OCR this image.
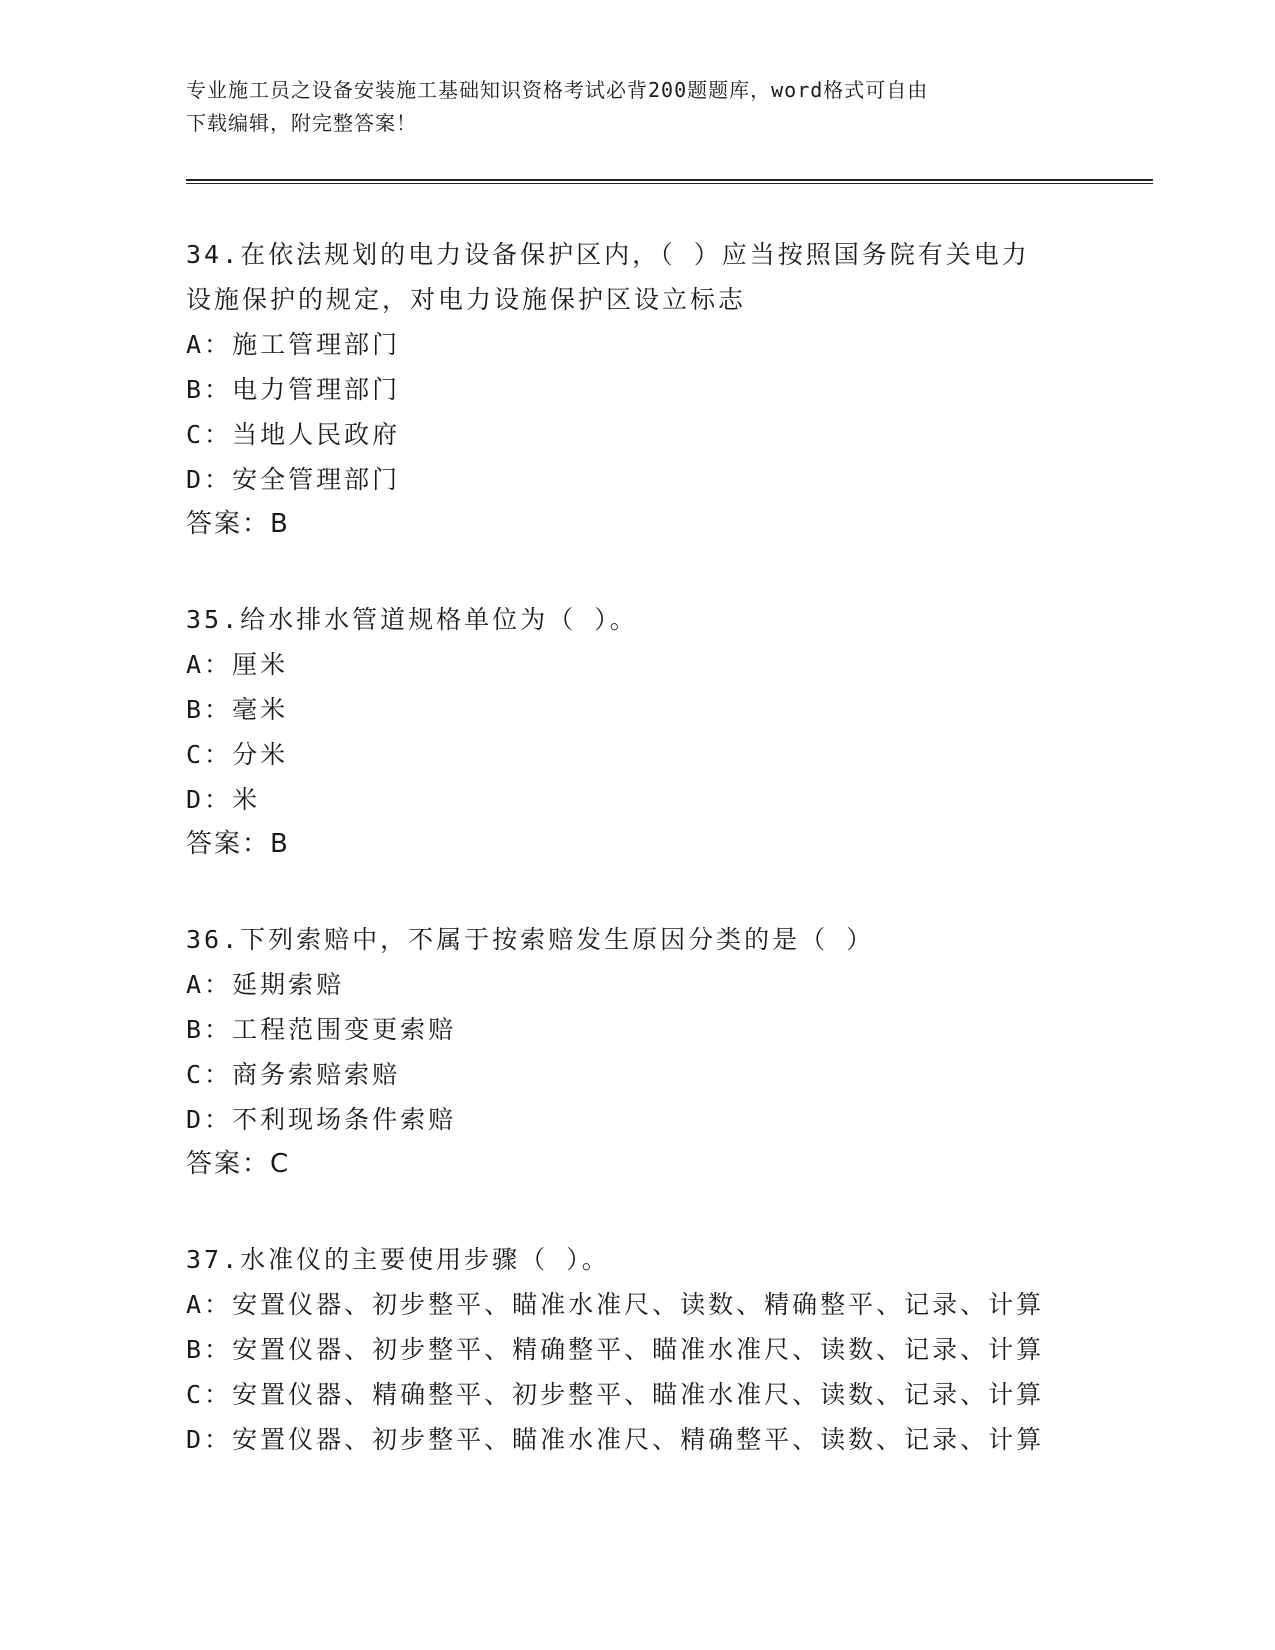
专业施工员之设备安装施工基础知识资格考试必背200题题库，word格式可自由
下载编辑，附完整答案！

34.在依法规划的电力设备保护区内，（ ）应当按照国务院有关电力

设施保护的规定，对电力设施保护区设立标志

A：施工管理部门

B：电力管理部门

C：当地人民政府

D：安全管理部门

答案：B

35.给水排水管道规格单位为（ ）。

A：厘米

B：毫米

C：分米

D：米

答案：B

36.下列索赔中，不属于按索赔发生原因分类的是（ ）

A：延期索赔

B：工程范围变更索赔

C：商务索赔索赔

D：不利现场条件索赔

答案：C

37.水准仪的主要使用步骤（ ）。

A：安置仪器、初步整平、瞄准水准尺、读数、精确整平、记录、计算

B：安置仪器、初步整平、精确整平、瞄准水准尺、读数、记录、计算

C：安置仪器、精确整平、初步整平、瞄准水准尺、读数、记录、计算

D：安置仪器、初步整平、瞄准水准尺、精确整平、读数、记录、计算
